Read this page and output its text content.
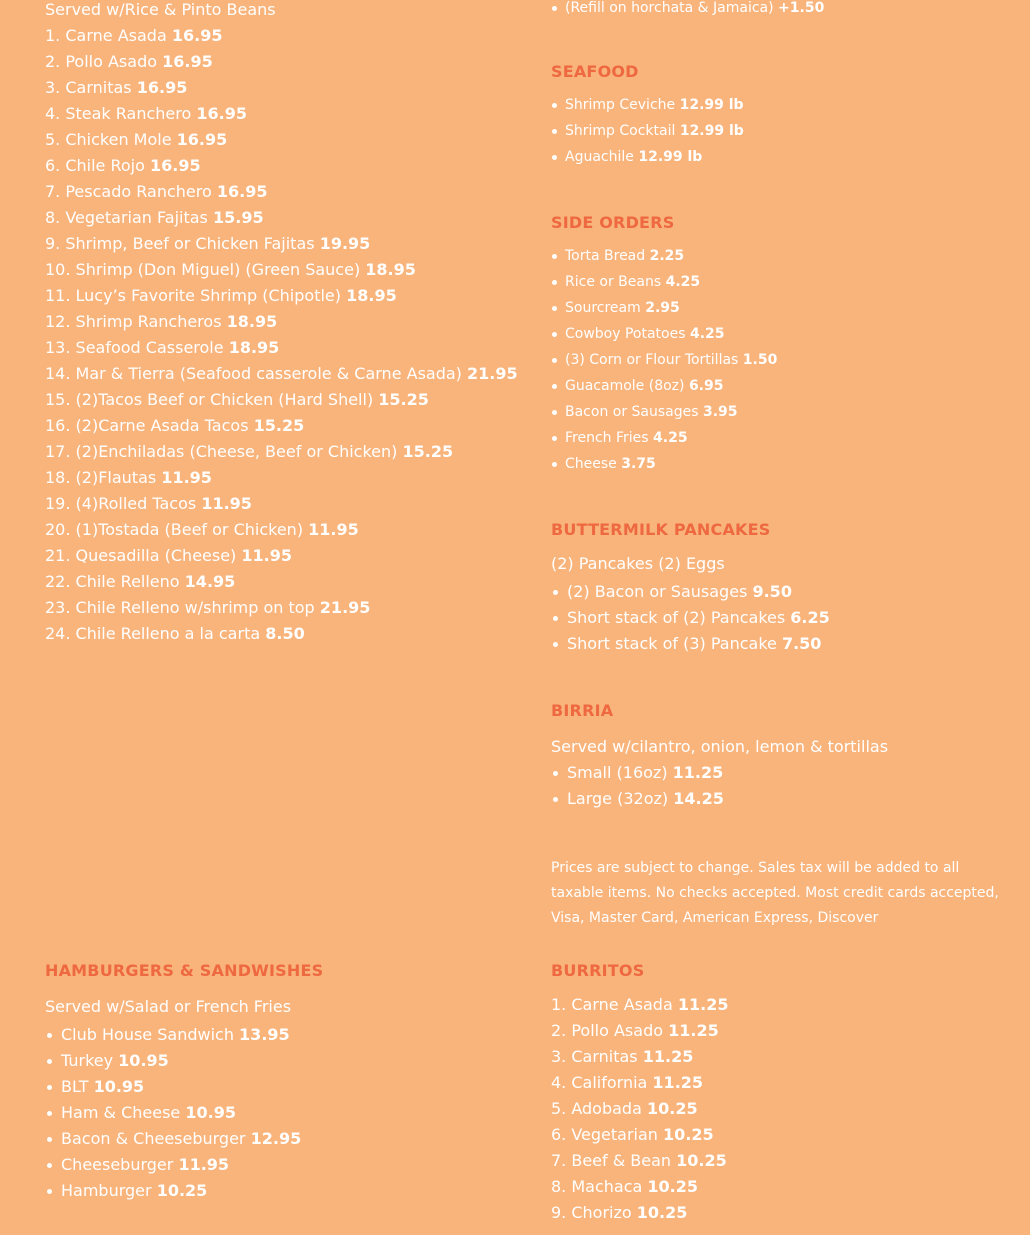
Served w/Rice & Pinto Beans
1. Carne Asada 16.95
2. Pollo Asado 16.95
3. Carnitas 16.95
4. Steak Ranchero 16.95
5. Chicken Mole 16.95
6. Chile Rojo 16.95
7. Pescado Ranchero 16.95
8. Vegetarian Fajitas 15.95
9. Shrimp, Beef or Chicken Fajitas 19.95
10. Shrimp (Don Miguel) (Green Sauce) 18.95
11. Lucy’s Favorite Shrimp (Chipotle) 18.95
12. Shrimp Rancheros 18.95
13. Seafood Casserole 18.95
14. Mar & Tierra (Seafood casserole & Carne Asada) 21.95
15. (2)Tacos Beef or Chicken (Hard Shell) 15.25
16. (2)Carne Asada Tacos 15.25
17. (2)Enchiladas (Cheese, Beef or Chicken) 15.25
18. (2)Flautas 11.95
19. (4)Rolled Tacos 11.95
20. (1)Tostada (Beef or Chicken) 11.95
21. Quesadilla (Cheese) 11.95
22. Chile Relleno 14.95
23. Chile Relleno w/shrimp on top 21.95
24. Chile Relleno a la carta 8.50
HAMBURGERS & SANDWISHES
Served w/Salad or French Fries
Club House Sandwich 13.95
Turkey 10.95
BLT 10.95
Ham & Cheese 10.95
Bacon & Cheeseburger 12.95
Cheeseburger 11.95
Hamburger 10.25
(Refill on horchata & Jamaica) +1.50
SEAFOOD
Shrimp Ceviche 12.99 lb
Shrimp Cocktail 12.99 lb
Aguachile 12.99 lb
SIDE ORDERS
Torta Bread 2.25
Rice or Beans 4.25
Sourcream 2.95
Cowboy Potatoes 4.25
(3) Corn or Flour Tortillas 1.50
Guacamole (8oz) 6.95
Bacon or Sausages 3.95
French Fries 4.25
Cheese 3.75
BUTTERMILK PANCAKES
(2) Pancakes (2) Eggs
(2) Bacon or Sausages 9.50
Short stack of (2) Pancakes 6.25
Short stack of (3) Pancake 7.50
BIRRIA
Served w/cilantro, onion, lemon & tortillas
Small (16oz) 11.25
Large (32oz) 14.25
Prices are subject to change. Sales tax will be added to all taxable items. No checks accepted. Most credit cards accepted, Visa, Master Card, American Express, Discover
BURRITOS
1. Carne Asada 11.25
2. Pollo Asado 11.25
3. Carnitas 11.25
4. California 11.25
5. Adobada 10.25
6. Vegetarian 10.25
7. Beef & Bean 10.25
8. Machaca 10.25
9. Chorizo 10.25
